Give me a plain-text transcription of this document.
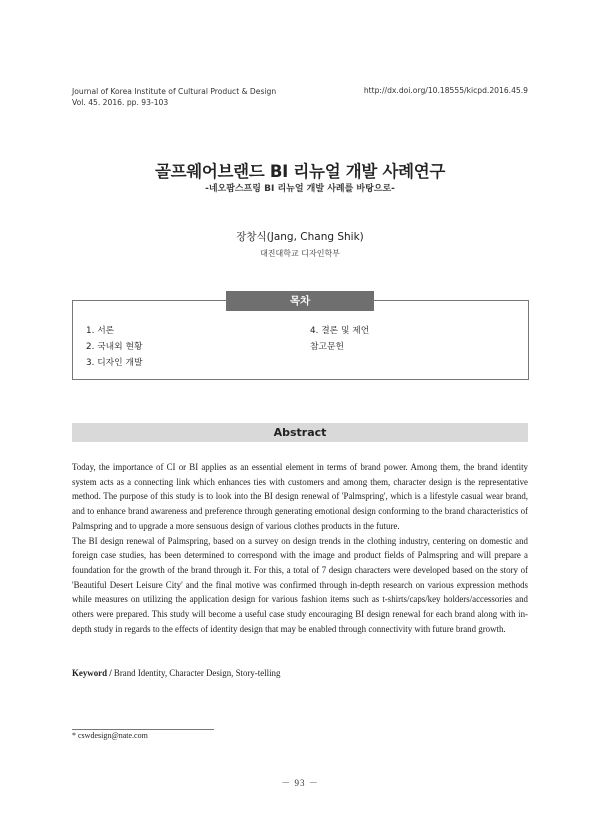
Journal of Korea Institute of Cultural Product & Design
Vol. 45. 2016. pp. 93-103
http://dx.doi.org/10.18555/kicpd.2016.45.9
골프웨어브랜드 BI 리뉴얼 개발 사례연구
-네오팜스프링 BI 리뉴얼 개발 사례를 바탕으로-
장창식(Jang, Chang Shik)
대진대학교 디자인학부
목차
1. 서론
2. 국내외 현황
3. 디자인 개발
4. 결론 및 제언
참고문헌
Abstract

Today, the importance of CI or BI applies as an essential element in terms of brand power. Among them, the brand identity system acts as a connecting link which enhances ties with customers and among them, character design is the representative method. The purpose of this study is to look into the BI design renewal of 'Palmspring', which is a lifestyle casual wear brand, and to enhance brand awareness and preference through generating emotional design conforming to the brand characteristics of Palmspring and to upgrade a more sensuous design of various clothes products in the future.

The BI design renewal of Palmspring, based on a survey on design trends in the clothing industry, centering on domestic and foreign case studies, has been determined to correspond with the image and product fields of Palmspring and will prepare a foundation for the growth of the brand through it. For this, a total of 7 design characters were developed based on the story of 'Beautiful Desert Leisure City' and the final motive was confirmed through in-depth research on various expression methods while measures on utilizing the application design for various fashion items such as t-shirts/caps/key holders/accessories and others were prepared. This study will become a useful case study encouraging BI design renewal for each brand along with in-depth study in regards to the effects of identity design that may be enabled through connectivity with future brand growth.

Keyword / Brand Identity, Character Design, Story-telling
* cswdesign@nate.com
－ 93 －
